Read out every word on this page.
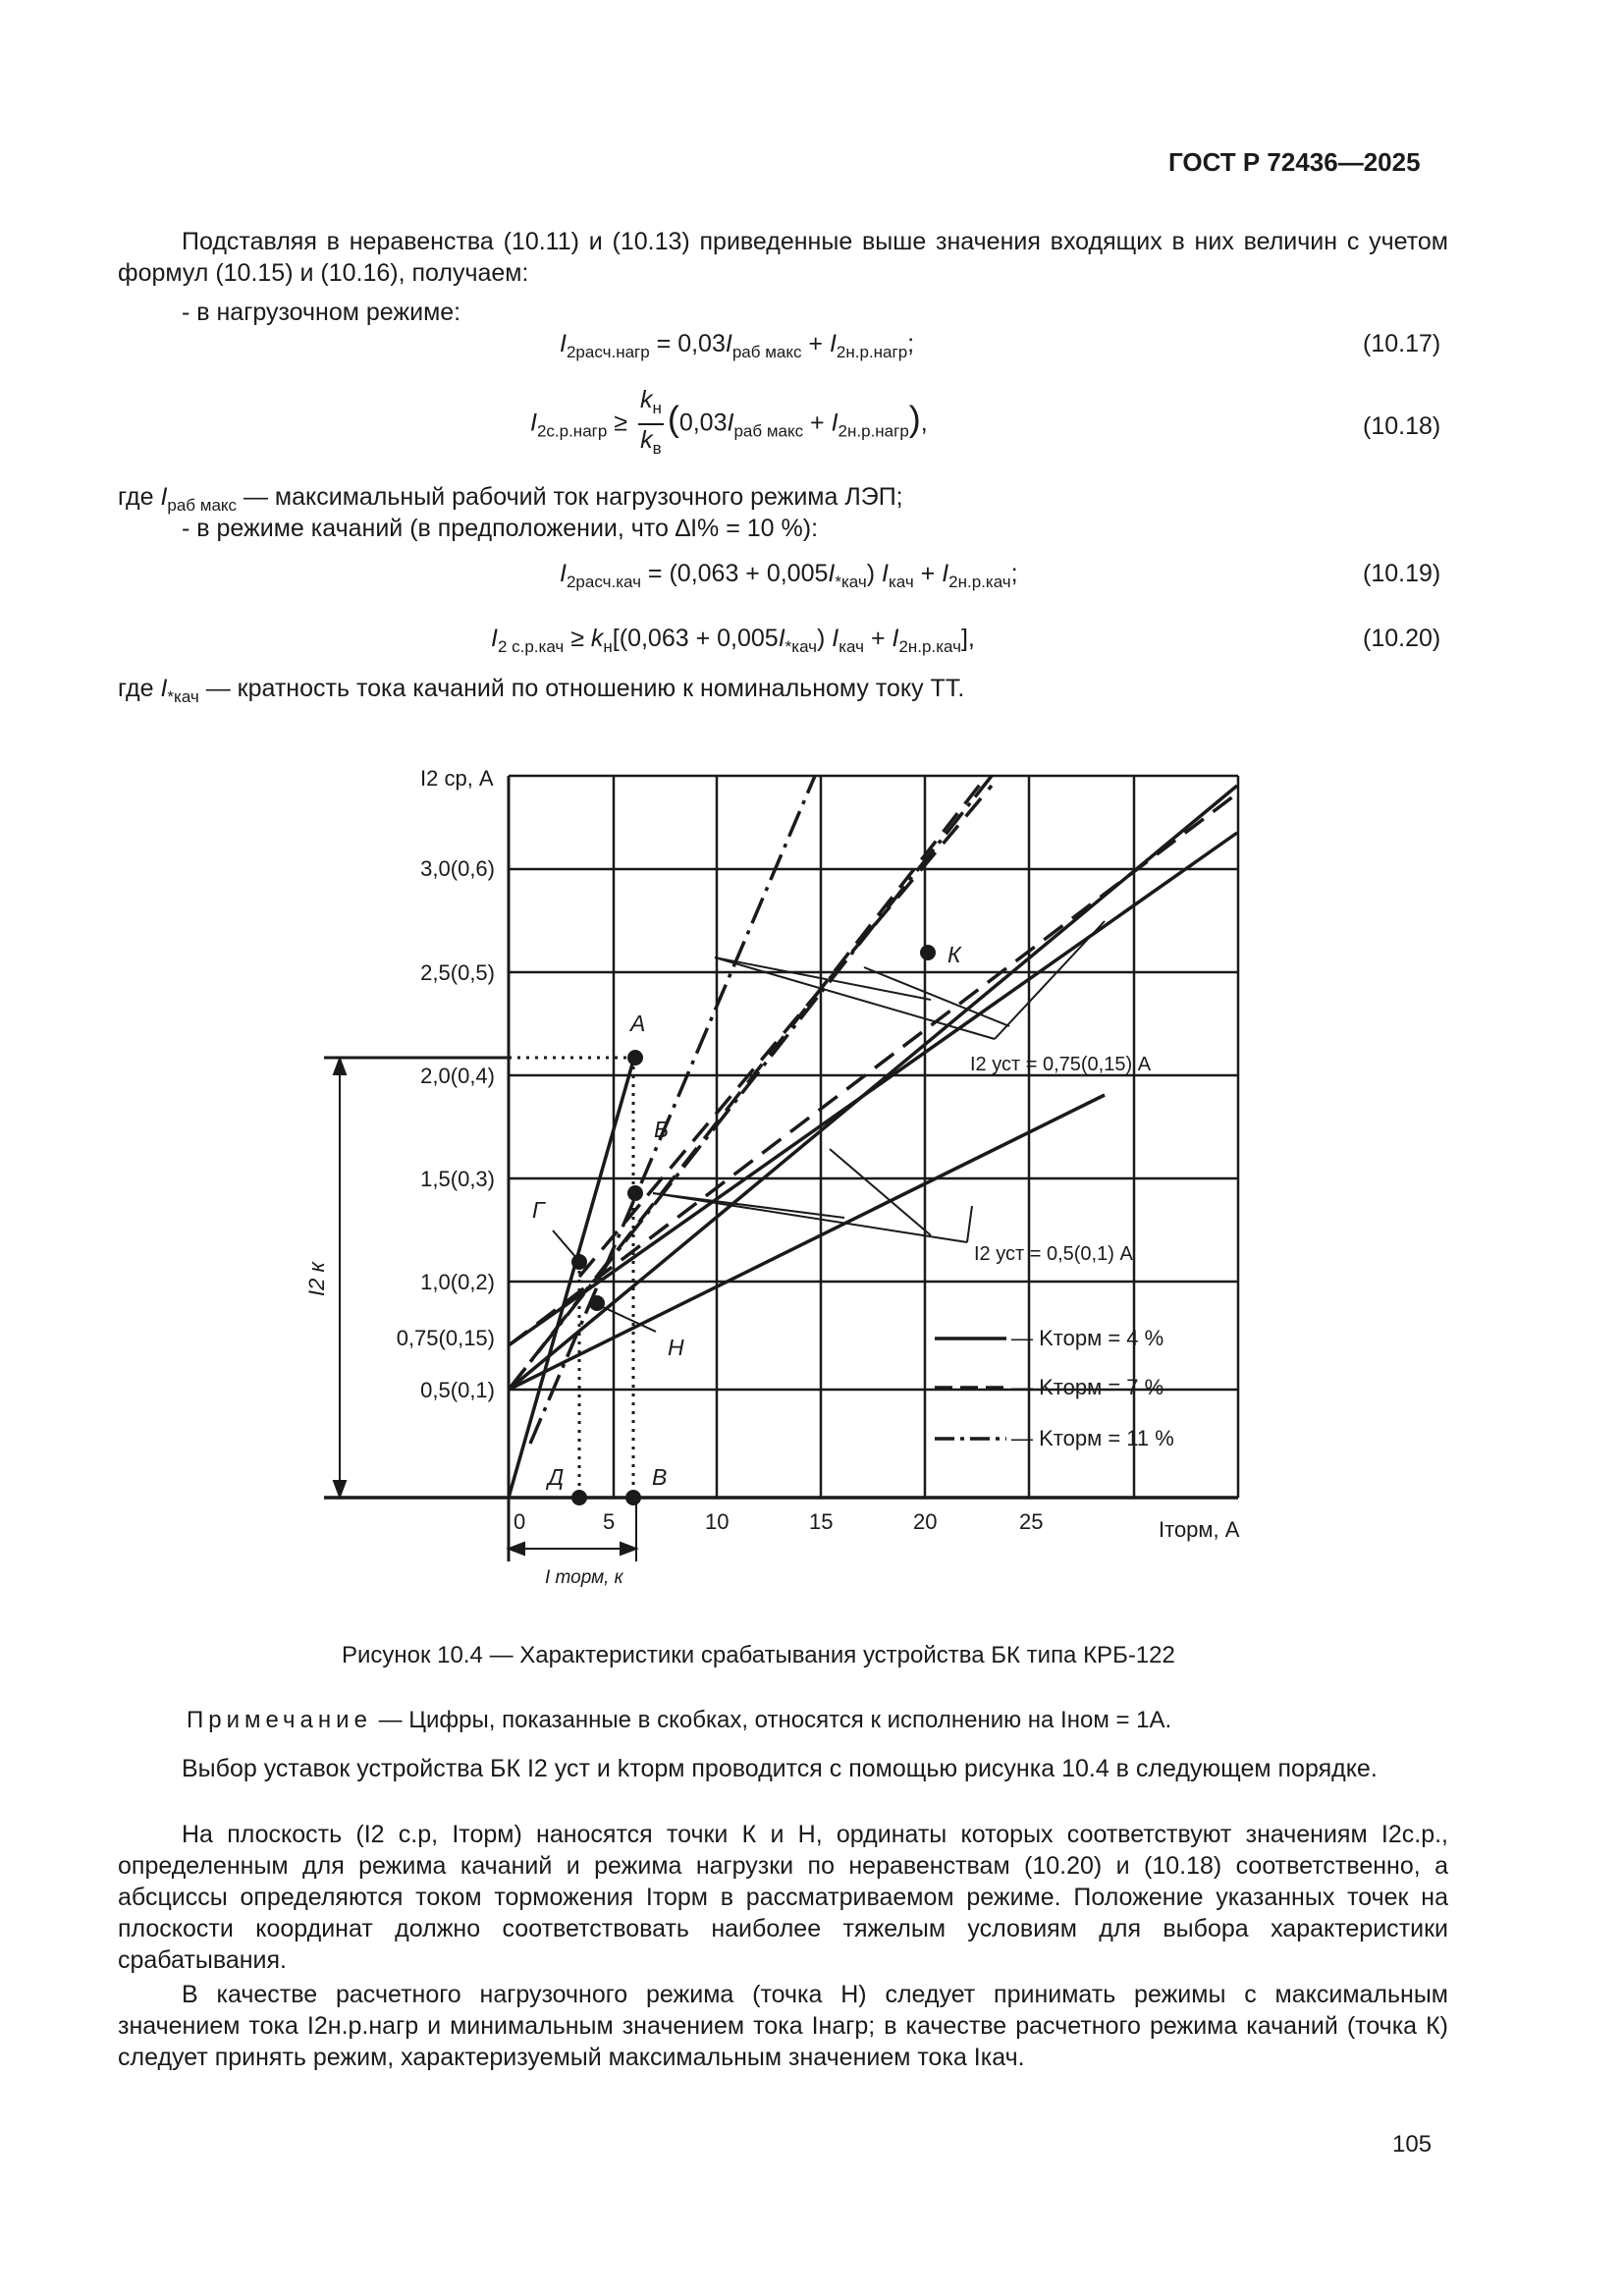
ГОСТ Р 72436—2025
Подставляя в неравенства (10.11) и (10.13) приведенные выше значения входящих в них величин с учетом формул (10.15) и (10.16), получаем:
- в нагрузочном режиме:
$I_{2расч.нагр} = 0,03I_{раб макс} + I_{2н.р.нагр}$;	(10.17)
$I_{2с.р.нагр} \ge \frac{k_н}{k_в} (0,03I_{раб макс} + I_{2н.р.нагр})$,	(10.18)
где $I_{раб макс}$ — максимальный рабочий ток нагрузочного режима ЛЭП;
- в режиме качаний (в предположении, что ∆I% = 10 %):
$I_{2расч.кач} = (0,063 + 0,005I_{*кач}) I_{кач} + I_{2н.р.кач}$;	(10.19)
$I_{2 с.р.кач} \ge k_н[(0,063 + 0,005I_{*кач}) I_{кач} + I_{2н.р.кач}]$,	(10.20)
где $I_{*кач}$ — кратность тока качаний по отношению к номинальному току ТТ.
I2 к
I торм, к
А
Б
Г
Н
К
Д	В
I2 ср, А
Iторм, А
3,0(0,6)
2,5(0,5)
2,0(0,4)
1,5(0,3)
1,0(0,2)
0,75(0,15)
0,5(0,1)
0	5	10	15	20	25
I2 уст = 0,75(0,15) А
I2 уст = 0,5(0,1) А
— Kторм = 4 %
— Kторм = 7 %
— Kторм = 11 %
Рисунок 10.4 — Характеристики срабатывания устройства БК типа КРБ-122
Примечание — Цифры, показанные в скобках, относятся к исполнению на Iном = 1А.
Выбор уставок устройства БК I2 уст и kторм проводится с помощью рисунка 10.4 в следующем порядке.
На плоскость (I2 с.р, Iторм) наносятся точки К и Н, ординаты которых соответствуют значениям I2с.р., определенным для режима качаний и режима нагрузки по неравенствам (10.20) и (10.18) соответственно, а абсциссы определяются током торможения Iторм в рассматриваемом режиме. Положение указанных точек на плоскости координат должно соответствовать наиболее тяжелым условиям для выбора характеристики срабатывания.
В качестве расчетного нагрузочного режима (точка Н) следует принимать режимы с максимальным значением тока I2н.р.нагр и минимальным значением тока Iнагр; в качестве расчетного режима качаний (точка К) следует принять режим, характеризуемый максимальным значением тока Iкач.
105
